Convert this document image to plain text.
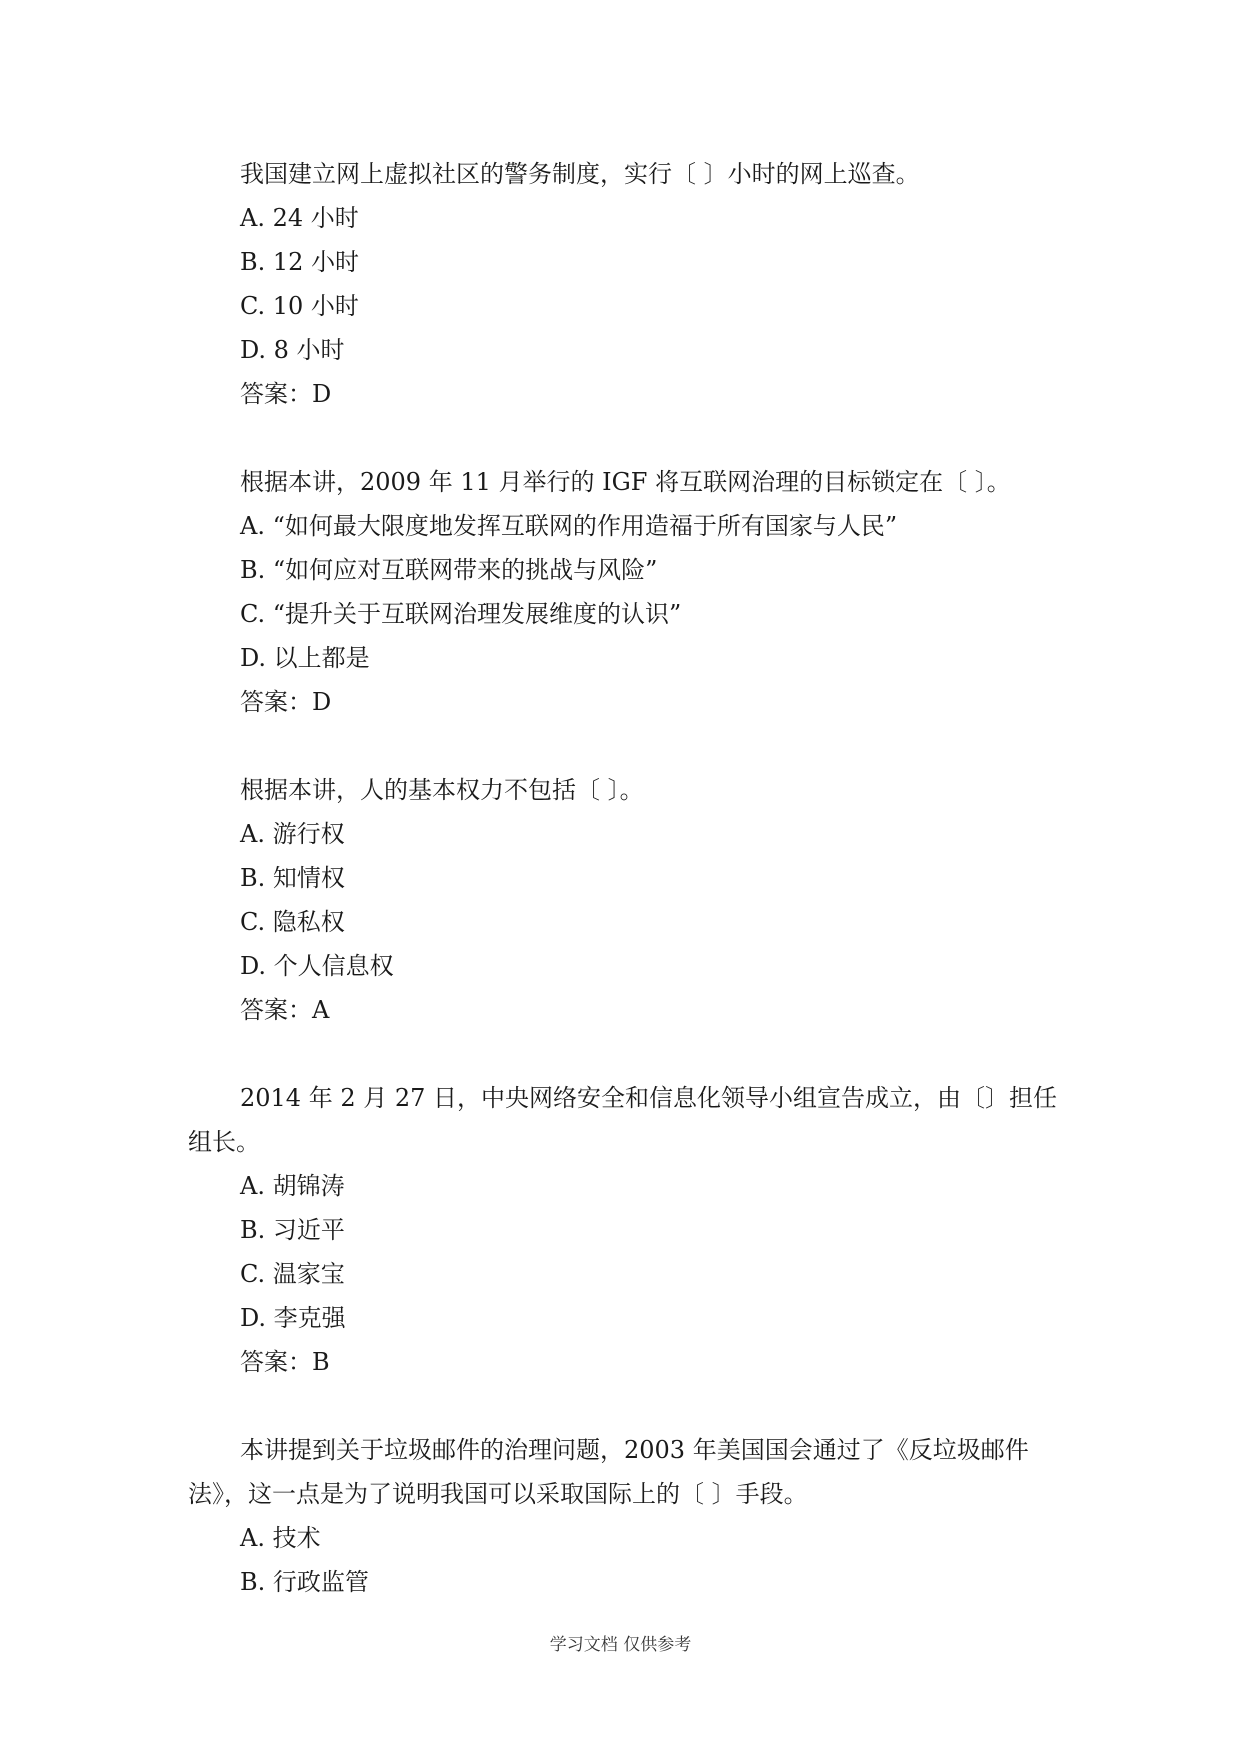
我国建立网上虚拟社区的警务制度，实行〔 〕小时的网上巡查。
A. 24 小时
B. 12 小时
C. 10 小时
D. 8 小时
答案：D
根据本讲，2009 年 11 月举行的 IGF 将互联网治理的目标锁定在〔 〕。
A. “如何最大限度地发挥互联网的作用造福于所有国家与人民”
B. “如何应对互联网带来的挑战与风险”
C. “提升关于互联网治理发展维度的认识”
D. 以上都是
答案：D
根据本讲，人的基本权力不包括〔 〕。
A. 游行权
B. 知情权
C. 隐私权
D. 个人信息权
答案：A
2014 年 2 月 27 日，中央网络安全和信息化领导小组宣告成立，由〔〕担任
组长。
A. 胡锦涛
B. 习近平
C. 温家宝
D. 李克强
答案：B
本讲提到关于垃圾邮件的治理问题，2003 年美国国会通过了《反垃圾邮件
法》，这一点是为了说明我国可以采取国际上的〔 〕手段。
A. 技术
B. 行政监管
学习文档 仅供参考
